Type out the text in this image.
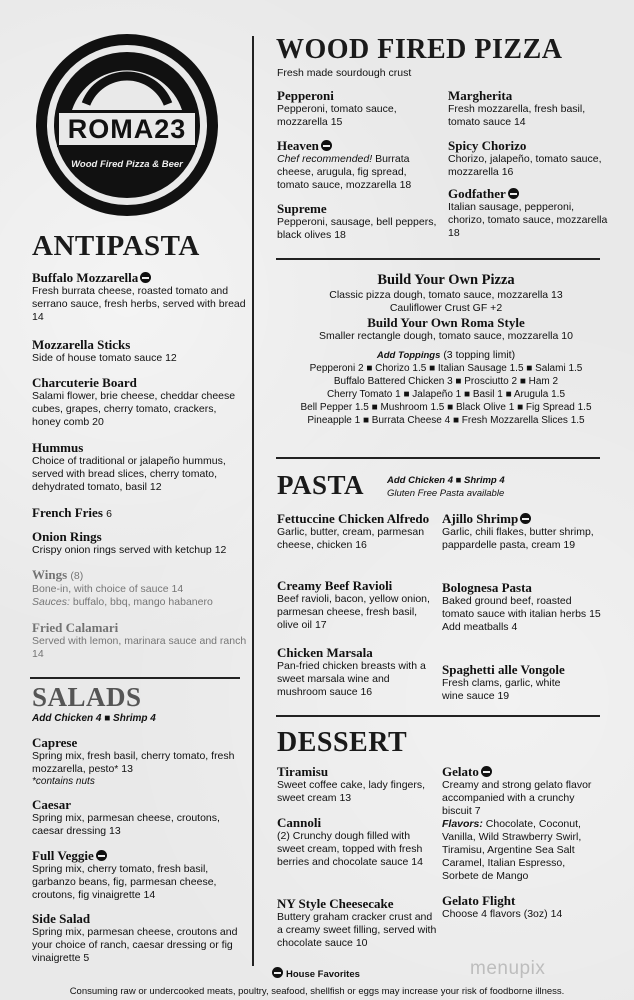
ROMA23
Wood Fired Pizza & Beer
ANTIPASTA
Buffalo Mozzarella
Fresh burrata cheese, roasted tomato and serrano sauce, fresh herbs, served with bread 14
Mozzarella Sticks
Side of house tomato sauce 12
Charcuterie Board
Salami flower, brie cheese, cheddar cheese cubes, grapes, cherry tomato, crackers, honey comb 20
Hummus
Choice of traditional or jalapeño hummus, served with bread slices, cherry tomato, dehydrated tomato, basil 12
French Fries 6
Onion Rings
Crispy onion rings served with ketchup 12
Wings (8)
Bone-in, with choice of sauce 14
Sauces: buffalo, bbq, mango habanero
Fried Calamari
Served with lemon, marinara sauce and ranch 14
SALADS
Add Chicken 4 ■ Shrimp 4
Caprese
Spring mix, fresh basil, cherry tomato, fresh mozzarella, pesto* 13
*contains nuts
Caesar
Spring mix, parmesan cheese, croutons, caesar dressing 13
Full Veggie
Spring mix, cherry tomato, fresh basil, garbanzo beans, fig, parmesan cheese, croutons, fig vinaigrette 14
Side Salad
Spring mix, parmesan cheese, croutons and your choice of ranch, caesar dressing or fig vinaigrette 5
WOOD FIRED PIZZA
Fresh made sourdough crust
Pepperoni
Pepperoni, tomato sauce, mozzarella 15
Margherita
Fresh mozzarella, fresh basil, tomato sauce 14
Heaven
Chef recommended! Burrata cheese, arugula, fig spread, tomato sauce, mozzarella 18
Spicy Chorizo
Chorizo, jalapeño, tomato sauce, mozzarella 16
Supreme
Pepperoni, sausage, bell peppers, black olives 18
Godfather
Italian sausage, pepperoni, chorizo, tomato sauce, mozzarella 18
Build Your Own Pizza
Classic pizza dough, tomato sauce, mozzarella 13
Cauliflower Crust GF +2
Build Your Own Roma Style
Smaller rectangle dough, tomato sauce, mozzarella 10
Add Toppings (3 topping limit)
Pepperoni 2 ■ Chorizo 1.5 ■ Italian Sausage 1.5 ■ Salami 1.5
Buffalo Battered Chicken 3 ■ Prosciutto 2 ■ Ham 2
Cherry Tomato 1 ■ Jalapeño 1 ■ Basil 1 ■ Arugula 1.5
Bell Pepper 1.5 ■ Mushroom 1.5 ■ Black Olive 1 ■ Fig Spread 1.5
Pineapple 1 ■ Burrata Cheese 4 ■ Fresh Mozzarella Slices 1.5
PASTA Add Chicken 4 ■ Shrimp 4
Gluten Free Pasta available
Fettuccine Chicken Alfredo
Garlic, butter, cream, parmesan cheese, chicken 16
Ajillo Shrimp
Garlic, chili flakes, butter shrimp, pappardelle pasta, cream 19
Creamy Beef Ravioli
Beef ravioli, bacon, yellow onion, parmesan cheese, fresh basil, olive oil 17
Bolognesa Pasta
Baked ground beef, roasted tomato sauce with italian herbs 15
Add meatballs 4
Chicken Marsala
Pan-fried chicken breasts with a sweet marsala wine and mushroom sauce 16
Spaghetti alle Vongole
Fresh clams, garlic, white wine sauce 19
DESSERT
Tiramisu
Sweet coffee cake, lady fingers, sweet cream 13
Gelato
Creamy and strong gelato flavor accompanied with a crunchy biscuit 7
Flavors: Chocolate, Coconut, Vanilla, Wild Strawberry Swirl, Tiramisu, Argentine Sea Salt Caramel, Italian Espresso, Sorbete de Mango
Cannoli
(2) Crunchy dough filled with sweet cream, topped with fresh berries and chocolate sauce 14
Gelato Flight
Choose 4 flavors (3oz) 14
NY Style Cheesecake
Buttery graham cracker crust and a creamy sweet filling, served with chocolate sauce 10
House Favorites	menupix
Consuming raw or undercooked meats, poultry, seafood, shellfish or eggs may increase your risk of foodborne illness.
